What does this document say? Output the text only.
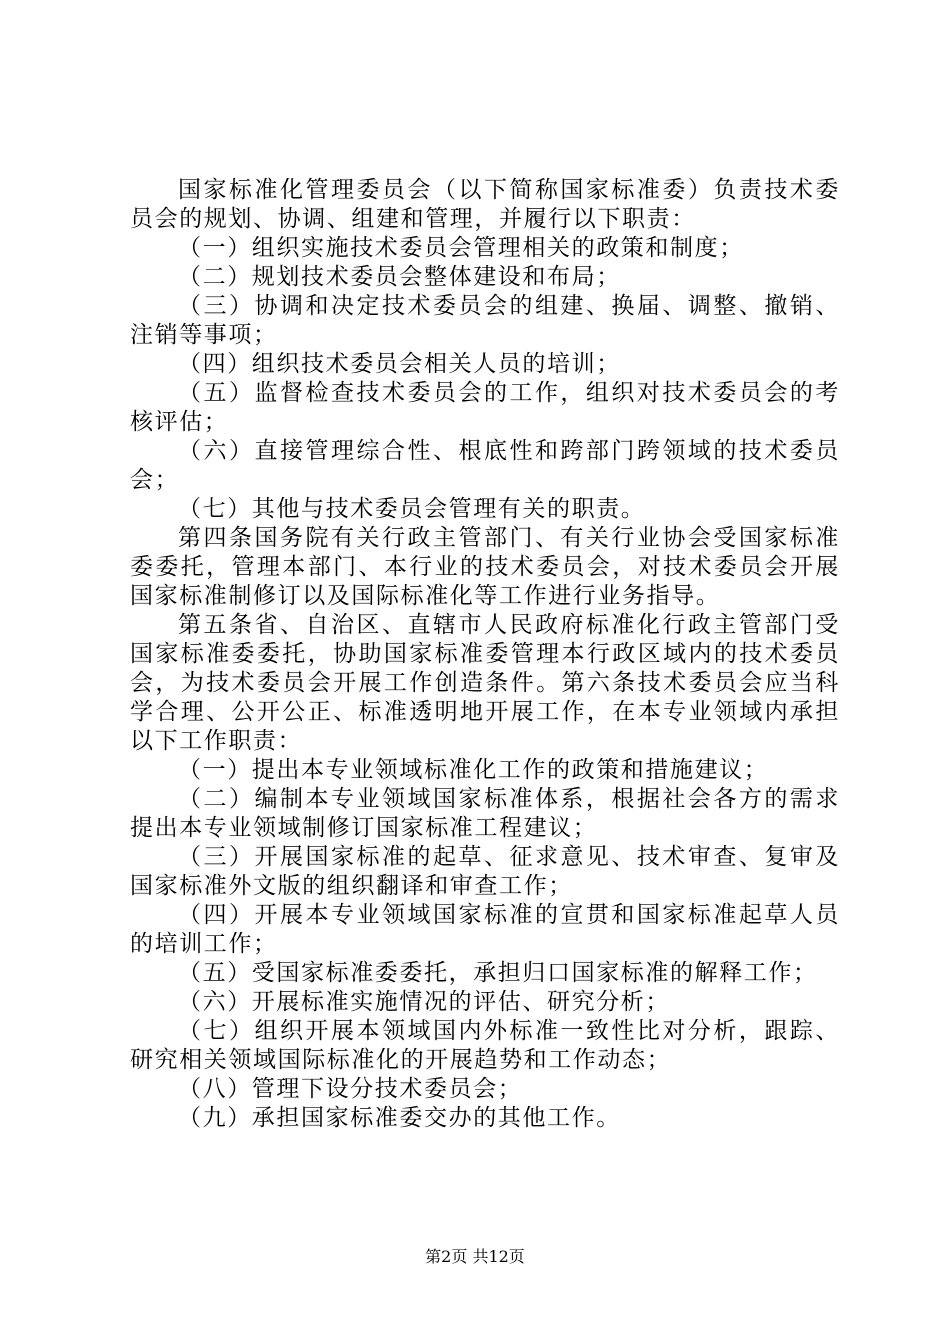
国家标准化管理委员会（以下简称国家标准委）负责技术委员会的规划、协调、组建和管理，并履行以下职责：

（一）组织实施技术委员会管理相关的政策和制度；

（二）规划技术委员会整体建设和布局；

（三）协调和决定技术委员会的组建、换届、调整、撤销、注销等事项；

（四）组织技术委员会相关人员的培训；

（五）监督检查技术委员会的工作，组织对技术委员会的考核评估；

（六）直接管理综合性、根底性和跨部门跨领域的技术委员会；

（七）其他与技术委员会管理有关的职责。

第四条国务院有关行政主管部门、有关行业协会受国家标准委委托，管理本部门、本行业的技术委员会，对技术委员会开展国家标准制修订以及国际标准化等工作进行业务指导。

第五条省、自治区、直辖市人民政府标准化行政主管部门受国家标准委委托，协助国家标准委管理本行政区域内的技术委员会，为技术委员会开展工作创造条件。第六条技术委员会应当科学合理、公开公正、标准透明地开展工作，在本专业领域内承担以下工作职责：

（一）提出本专业领域标准化工作的政策和措施建议；

（二）编制本专业领域国家标准体系，根据社会各方的需求提出本专业领域制修订国家标准工程建议；

（三）开展国家标准的起草、征求意见、技术审查、复审及国家标准外文版的组织翻译和审查工作；

（四）开展本专业领域国家标准的宣贯和国家标准起草人员的培训工作；

（五）受国家标准委委托，承担归口国家标准的解释工作；

（六）开展标准实施情况的评估、研究分析；

（七）组织开展本领域国内外标准一致性比对分析，跟踪、研究相关领域国际标准化的开展趋势和工作动态；

（八）管理下设分技术委员会；

（九）承担国家标准委交办的其他工作。

第2页 共12页
